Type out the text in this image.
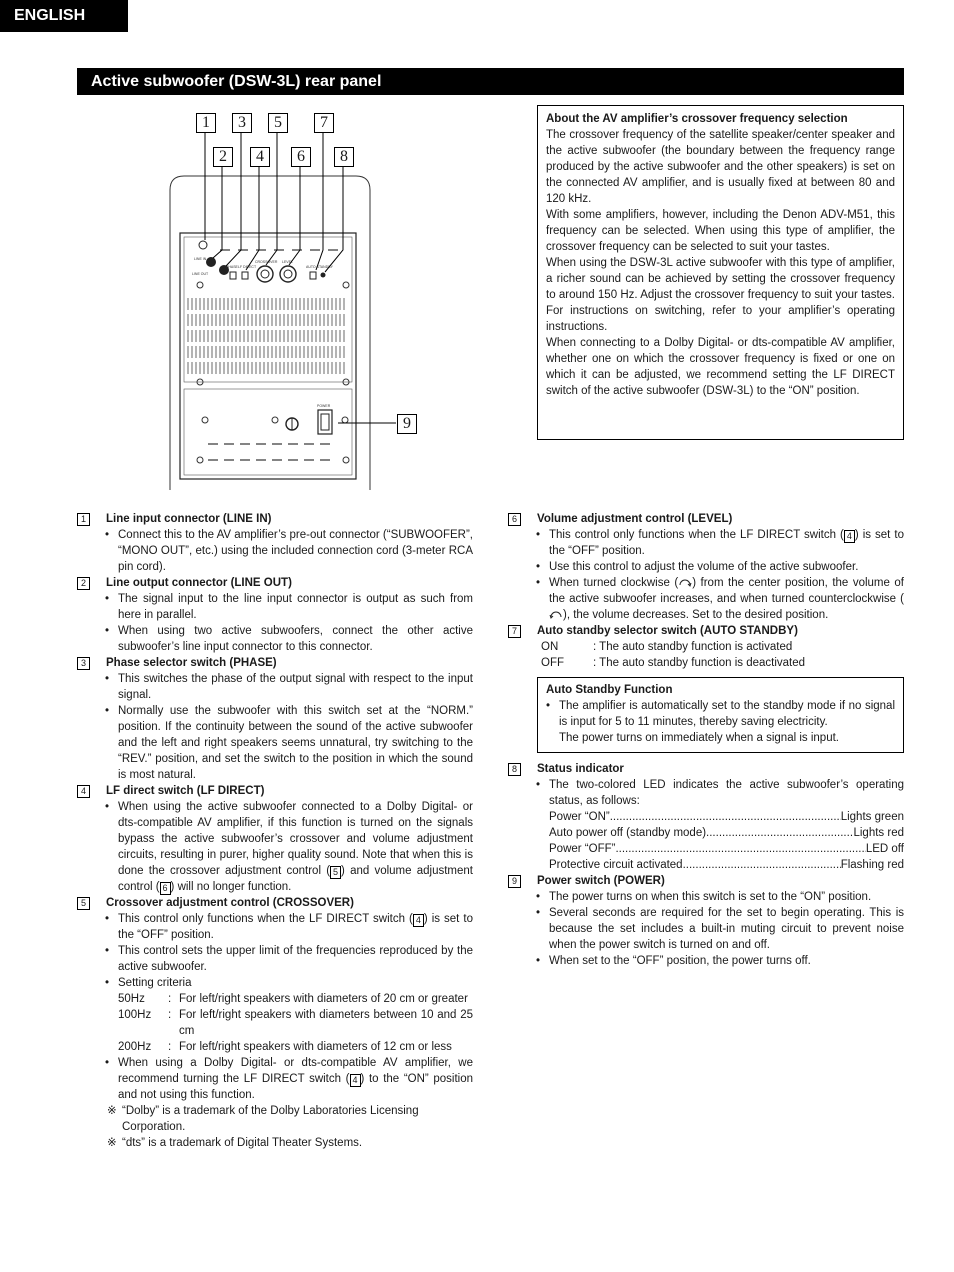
ENGLISH
Active subwoofer (DSW-3L) rear panel
LINE IN
LINE OUT
PHASE LF DIRECT
CROSSOVER LEVEL
AUTO STANDBY
POWER
1	3	5	7
2	4	6	8
9
About the AV amplifier’s crossover frequency selection
The crossover frequency of the satellite speaker/center speaker and the active subwoofer (the boundary between the frequency range produced by the active subwoofer and the other speakers) is set on the connected AV amplifier, and is usually fixed at between 80 and 120 kHz.
With some amplifiers, however, including the Denon ADV-M51, this frequency can be selected. When using this type of amplifier, the crossover frequency can be selected to suit your tastes.
When using the DSW-3L active subwoofer with this type of amplifier, a richer sound can be achieved by setting the crossover frequency to around 150 Hz. Adjust the crossover frequency to suit your tastes. For instructions on switching, refer to your amplifier’s operating instructions.
When connecting to a Dolby Digital- or dts-compatible AV amplifier, whether one on which the crossover frequency is fixed or one on which it can be adjusted, we recommend setting the LF DIRECT switch of the active subwoofer (DSW-3L) to the “ON” position.
1	Line input connector (LINE IN)
• Connect this to the AV amplifier’s pre-out connector (“SUBWOOFER”, “MONO OUT”, etc.) using the included connection cord (3-meter RCA pin cord).
2	Line output connector (LINE OUT)
• The signal input to the line input connector is output as such from here in parallel.
• When using two active subwoofers, connect the other active subwoofer’s line input connector to this connector.
3	Phase selector switch (PHASE)
• This switches the phase of the output signal with respect to the input signal.
• Normally use the subwoofer with this switch set at the “NORM.” position. If the continuity between the sound of the active subwoofer and the left and right speakers seems unnatural, try switching to the “REV.” position, and set the switch to the position in which the sound is most natural.
4	LF direct switch (LF DIRECT)
• When using the active subwoofer connected to a Dolby Digital- or dts-compatible AV amplifier, if this function is turned on the signals bypass the active subwoofer’s crossover and volume adjustment circuits, resulting in purer, higher quality sound. Note that when this is done the crossover adjustment control ( 5 ) and volume adjustment control ( 6 ) will no longer function.
5	Crossover adjustment control (CROSSOVER)
• This control only functions when the LF DIRECT switch ( 4 ) is set to the “OFF” position.
• This control sets the upper limit of the frequencies reproduced by the active subwoofer.
• Setting criteria
50Hz	: For left/right speakers with diameters of 20 cm or greater
100Hz	: For left/right speakers with diameters between 10 and 25 cm
200Hz	: For left/right speakers with diameters of 12 cm or less
• When using a Dolby Digital- or dts-compatible AV amplifier, we recommend turning the LF DIRECT switch ( 4 ) to the “ON” position and not using this function.
※ “Dolby” is a trademark of the Dolby Laboratories Licensing Corporation.
※ “dts” is a trademark of Digital Theater Systems.
6	Volume adjustment control (LEVEL)
• This control only functions when the LF DIRECT switch ( 4 ) is set to the “OFF” position.
• Use this control to adjust the volume of the active subwoofer.
• When turned clockwise ( ) from the center position, the volume of the active subwoofer increases, and when turned counterclockwise (), the volume decreases. Set to the desired position.
7	Auto standby selector switch (AUTO STANDBY)
ON	: The auto standby function is activated
OFF	: The auto standby function is deactivated
Auto Standby Function
• The amplifier is automatically set to the standby mode if no signal is input for 5 to 11 minutes, thereby saving electricity.
The power turns on immediately when a signal is input.
8	Status indicator
• The two-colored LED indicates the active subwoofer’s operating status, as follows:
Power “ON” .....	Lights green
Auto power off (standby mode) .....	Lights red
Power “OFF” .....	LED off
Protective circuit activated .....	Flashing red
9	Power switch (POWER)
• The power turns on when this switch is set to the “ON” position.
• Several seconds are required for the set to begin operating. This is because the set includes a built-in muting circuit to prevent noise when the power switch is turned on and off.
• When set to the “OFF” position, the power turns off.
